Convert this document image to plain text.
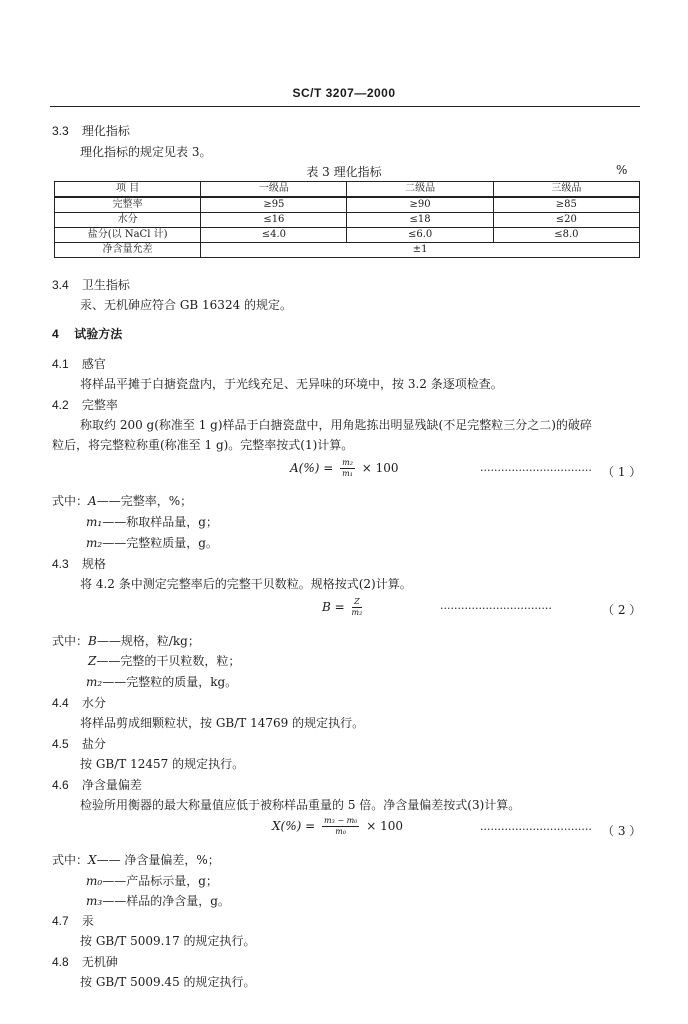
SC/T 3207—2000
3.3 理化指标
理化指标的规定见表 3。
表 3 理化指标	%
项 目	一级品	二级品	三级品
完整率	≥95	≥90	≥85
水分	≤16	≤18	≤20
盐分(以 NaCl 计)	≤4.0	≤6.0	≤8.0
净含量允差	±1		
3.4 卫生指标
汞、无机砷应符合 GB 16324 的规定。
4 试验方法
4.1 感官
将样品平摊于白搪瓷盘内，于光线充足、无异味的环境中，按 3.2 条逐项检查。
4.2 完整率
称取约 200 g(称准至 1 g)样品于白搪瓷盘中，用角匙拣出明显残缺(不足完整粒三分之二)的破碎
粒后，将完整粒称重(称准至 1 g)。完整率按式(1)计算。
$A(\%) = \frac{\text{m₂}}{\text{m₁}} \times 100$	································ （ 1 ）
式中：A——完整率，%；
m₁——称取样品量，g；
m₂——完整粒质量，g。
4.3 规格
将 4.2 条中测定完整率后的完整干贝数粒。规格按式(2)计算。
$B = \frac{Z}{\text{m₂}}$	································	（ 2 ）
式中：B——规格，粒/kg；
Z——完整的干贝粒数，粒；
m₂——完整粒的质量，kg。
4.4 水分
将样品剪成细颗粒状，按 GB/T 14769 的规定执行。
4.5 盐分
按 GB/T 12457 的规定执行。
4.6 净含量偏差
检验所用衡器的最大称量值应低于被称样品重量的 5 倍。净含量偏差按式(3)计算。
$X(\%) = \frac{\text{m₃ − m₀}}{\text{m₀}} \times 100$	································ （ 3 ）
式中：X—— 净含量偏差，%；
m₀——产品标示量，g；
m₃——样品的净含量，g。
4.7 汞
按 GB/T 5009.17 的规定执行。
4.8 无机砷
按 GB/T 5009.45 的规定执行。
